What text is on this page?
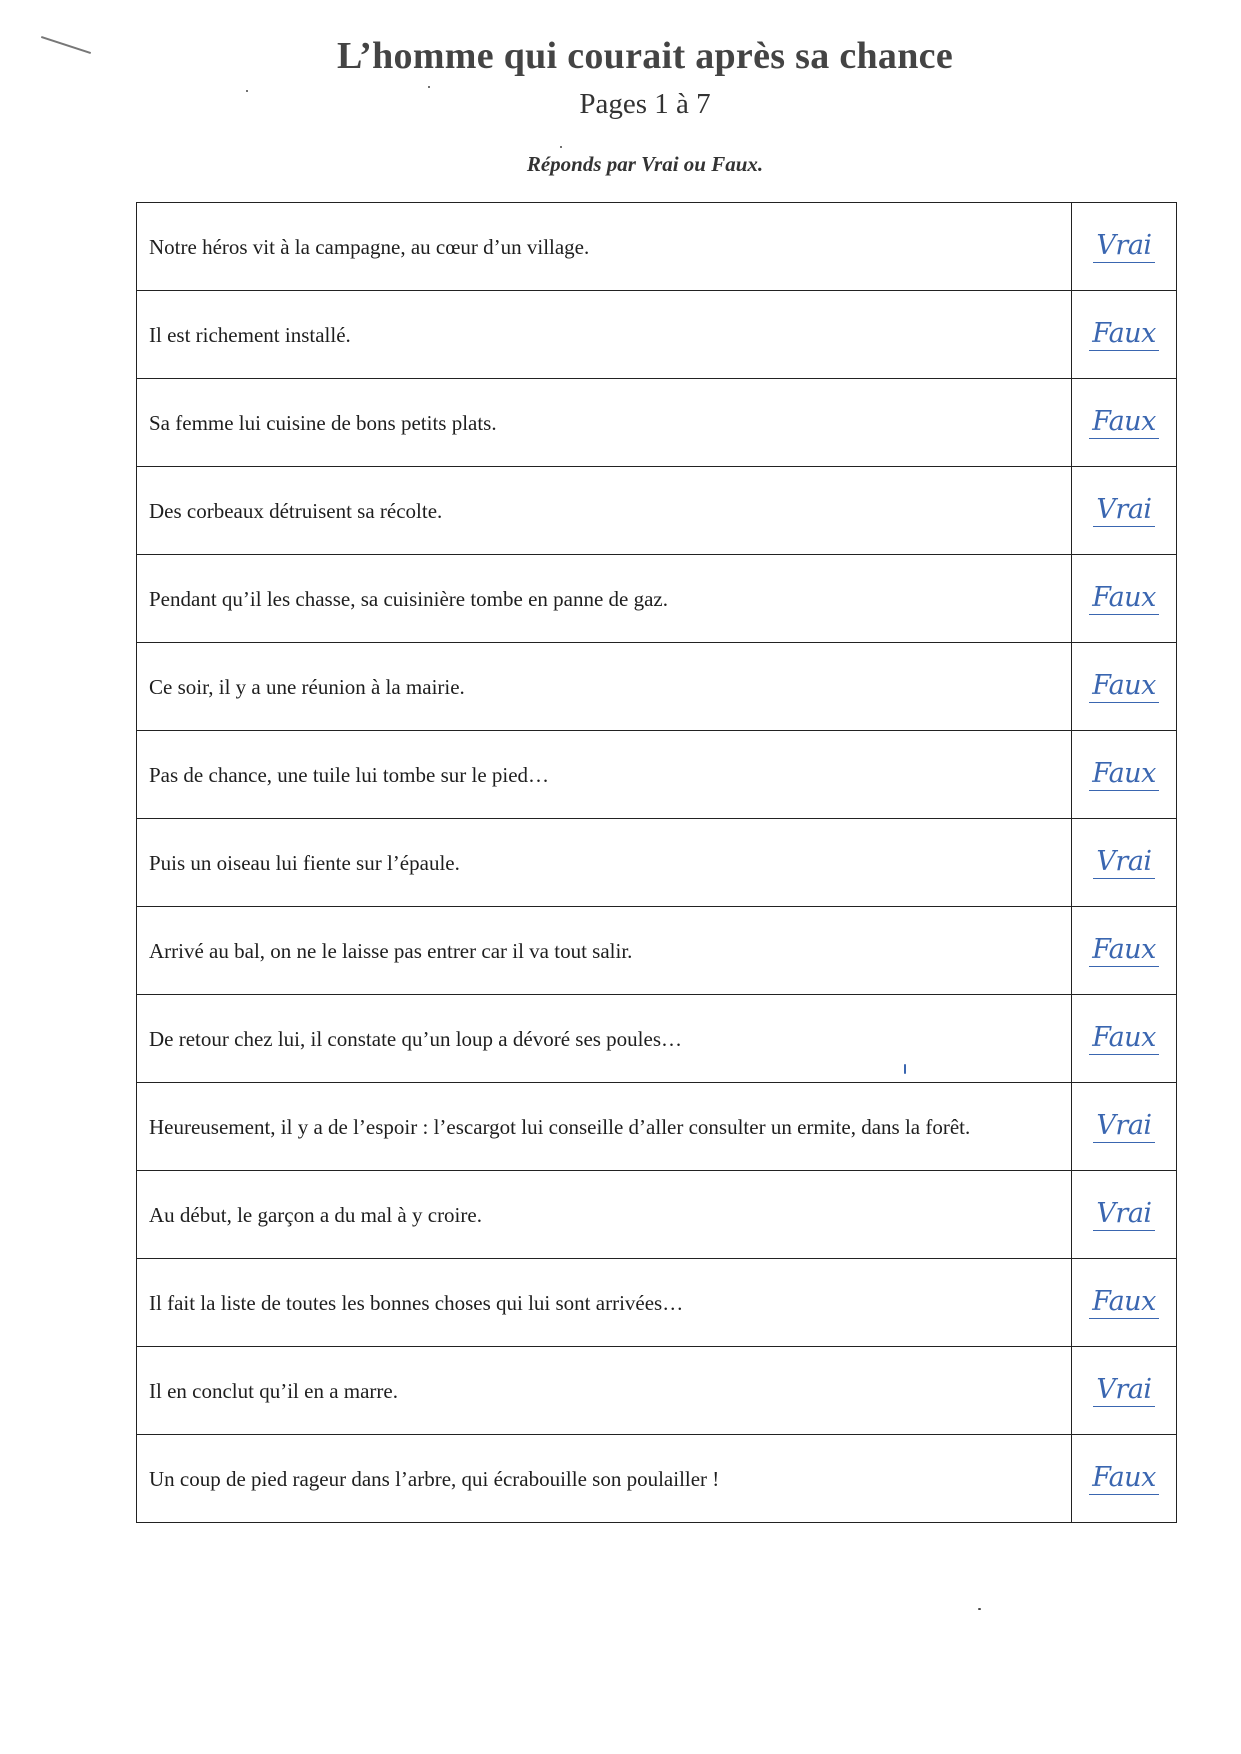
L’homme qui courait après sa chance
Pages 1 à 7
Réponds par Vrai ou Faux.
Notre héros vit à la campagne, au cœur d’un village.	Vrai
Il est richement installé.	Faux
Sa femme lui cuisine de bons petits plats.	Faux
Des corbeaux détruisent sa récolte.	Vrai
Pendant qu’il les chasse, sa cuisinière tombe en panne de gaz.	Faux
Ce soir, il y a une réunion à la mairie.	Faux
Pas de chance, une tuile lui tombe sur le pied…	Faux
Puis un oiseau lui fiente sur l’épaule.	Vrai
Arrivé au bal, on ne le laisse pas entrer car il va tout salir.	Faux
De retour chez lui, il constate qu’un loup a dévoré ses poules…	Faux
Heureusement, il y a de l’espoir : l’escargot lui conseille d’aller consulter un ermite, dans la forêt.	Vrai
Au début, le garçon a du mal à y croire.	Vrai
Il fait la liste de toutes les bonnes choses qui lui sont arrivées…	Faux
Il en conclut qu’il en a marre.	Vrai
Un coup de pied rageur dans l’arbre, qui écrabouille son poulailler !	Faux
